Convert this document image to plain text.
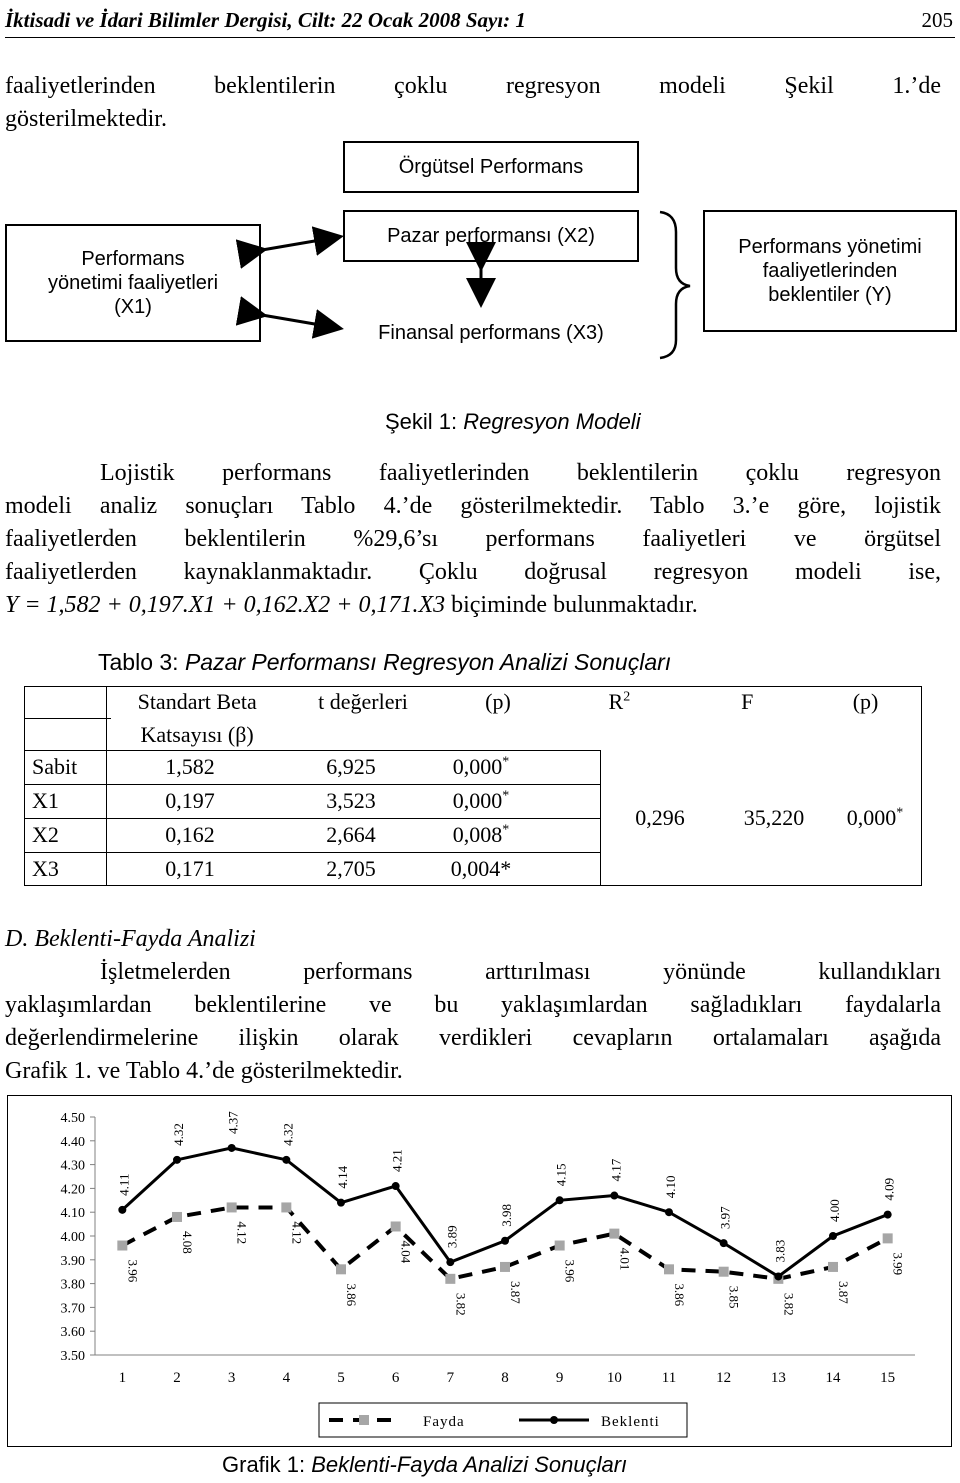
İktisadi ve İdari Bilimler Dergisi, Cilt: 22 Ocak 2008 Sayı: 1	205
faaliyetlerinden beklentilerin çoklu regresyon modeli Şekil 1.’de
gösterilmektedir.
Örgütsel Performans
Performans
yönetimi faaliyetleri
(X1)
Pazar performansı (X2)
Finansal performans (X3)
Performans yönetimi
faaliyetlerinden
beklentiler (Y)
Şekil 1: Regresyon Modeli
Lojistik performans faaliyetlerinden beklentilerin çoklu regresyon
modeli analiz sonuçları Tablo 4.’de gösterilmektedir. Tablo 3.’e göre, lojistik
faaliyetlerden beklentilerin %29,6’sı performans faaliyetleri ve örgütsel
faaliyetlerden kaynaklanmaktadır. Çoklu doğrusal regresyon modeli ise,
Y = 1,582 + 0,197.X1 + 0,162.X2 + 0,171.X3 biçiminde bulunmaktadır.
Tablo 3: Pazar Performansı Regresyon Analizi Sonuçları
	Standart Beta	t değerleri	(p)	$R^2$	F	(p)
	Katsayısı (β)					
Sabit	1,582	6,925	0,000*
X1	0,197	3,523	0,000*
X2	0,162	2,664	0,008*
X3	0,171	2,705	0,004*
0,296	35,220	0,000*
D. Beklenti-Fayda Analizi
İşletmelerden performans arttırılması yönünde kullandıkları
yaklaşımlardan beklentilerine ve bu yaklaşımlardan sağladıkları faydalarla
değerlendirmelerine ilişkin olarak verdikleri cevapların ortalamaları aşağıda
Grafik 1. ve Tablo 4.’de gösterilmektedir.
4.50
4.40
4.30
4.20
4.10
4.00
3.90
3.80
3.70
3.60
3.50
1	2	3	4	5	6	7	8	9	10	11	12	13	14	15
4.11
4.32
4.37
4.32
4.14
4.21
3.89
3.98
4.15	4.17
4.10
3.97
3.83
4.00
4.09
3.96
4.08	4.12	4.12
3.86
4.04
3.82
3.87
3.96
4.01
3.86	3.85	3.82
3.87
3.99
Fayda	Beklenti
Grafik 1: Beklenti-Fayda Analizi Sonuçları
